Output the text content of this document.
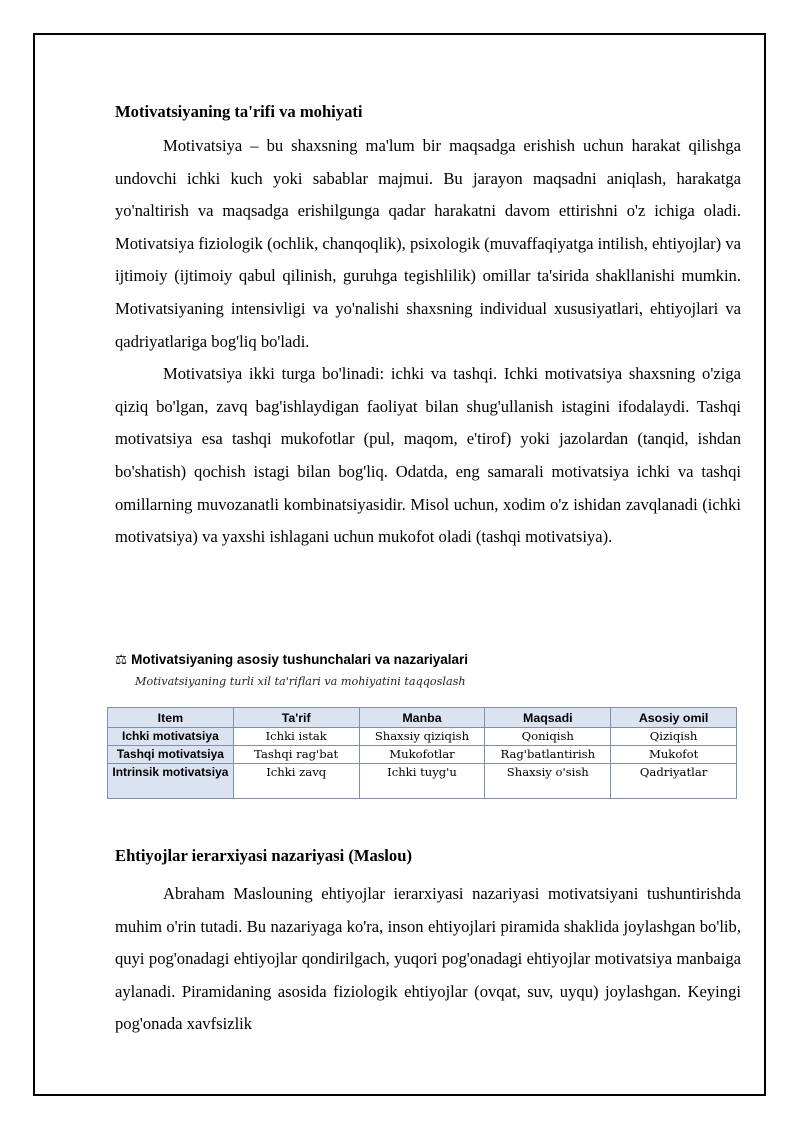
Motivatsiyaning ta'rifi va mohiyati

Motivatsiya – bu shaxsning ma'lum bir maqsadga erishish uchun harakat qilishga undovchi ichki kuch yoki sabablar majmui. Bu jarayon maqsadni aniqlash, harakatga yo'naltirish va maqsadga erishilgunga qadar harakatni davom ettirishni o'z ichiga oladi. Motivatsiya fiziologik (ochlik, chanqoqlik), psixologik (muvaffaqiyatga intilish, ehtiyojlar) va ijtimoiy (ijtimoiy qabul qilinish, guruhga tegishlilik) omillar ta'sirida shakllanishi mumkin. Motivatsiyaning intensivligi va yo'nalishi shaxsning individual xususiyatlari, ehtiyojlari va qadriyatlariga bog'liq bo'ladi.

Motivatsiya ikki turga bo'linadi: ichki va tashqi. Ichki motivatsiya shaxsning o'ziga qiziq bo'lgan, zavq bag'ishlaydigan faoliyat bilan shug'ullanish istagini ifodalaydi. Tashqi motivatsiya esa tashqi mukofotlar (pul, maqom, e'tirof) yoki jazolardan (tanqid, ishdan bo'shatish) qochish istagi bilan bog'liq. Odatda, eng samarali motivatsiya ichki va tashqi omillarning muvozanatli kombinatsiyasidir. Misol uchun, xodim o'z ishidan zavqlanadi (ichki motivatsiya) va yaxshi ishlagani uchun mukofot oladi (tashqi motivatsiya).

⚖ Motivatsiyaning asosiy tushunchalari va nazariyalari

Motivatsiyaning turli xil ta'riflari va mohiyatini taqqoslash

Item	Ta'rif	Manba	Maqsadi	Asosiy omil
Ichki motivatsiya	Ichki istak	Shaxsiy qiziqish	Qoniqish	Qiziqish
Tashqi motivatsiya	Tashqi rag'bat	Mukofotlar	Rag'batlantirish	Mukofot
Intrinsik motivatsiya	Ichki zavq	Ichki tuyg'u	Shaxsiy o'sish	Qadriyatlar

Ehtiyojlar ierarxiyasi nazariyasi (Maslou)

Abraham Maslouning ehtiyojlar ierarxiyasi nazariyasi motivatsiyani tushuntirishda muhim o'rin tutadi. Bu nazariyaga ko'ra, inson ehtiyojlari piramida shaklida joylashgan bo'lib, quyi pog'onadagi ehtiyojlar qondirilgach, yuqori pog'onadagi ehtiyojlar motivatsiya manbaiga aylanadi. Piramidaning asosida fiziologik ehtiyojlar (ovqat, suv, uyqu) joylashgan. Keyingi pog'onada xavfsizlik
